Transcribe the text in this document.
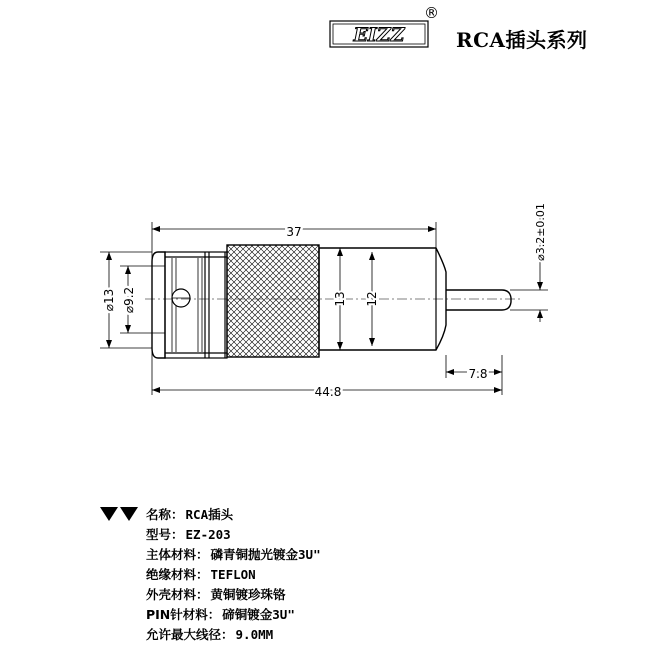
EIZZ
®
RCA插头系列
37
44.8
7.8
⌀13 ⌀9.2	13 12
⌀3.2±0.01
名称： RCA插头
型号： EZ-203
主体材料： 磷青铜抛光镀金3U"
绝缘材料： TEFLON
外壳材料： 黄铜镀珍珠铬
PIN针材料： 碲铜镀金3U"
允许最大线径： 9.0MM
